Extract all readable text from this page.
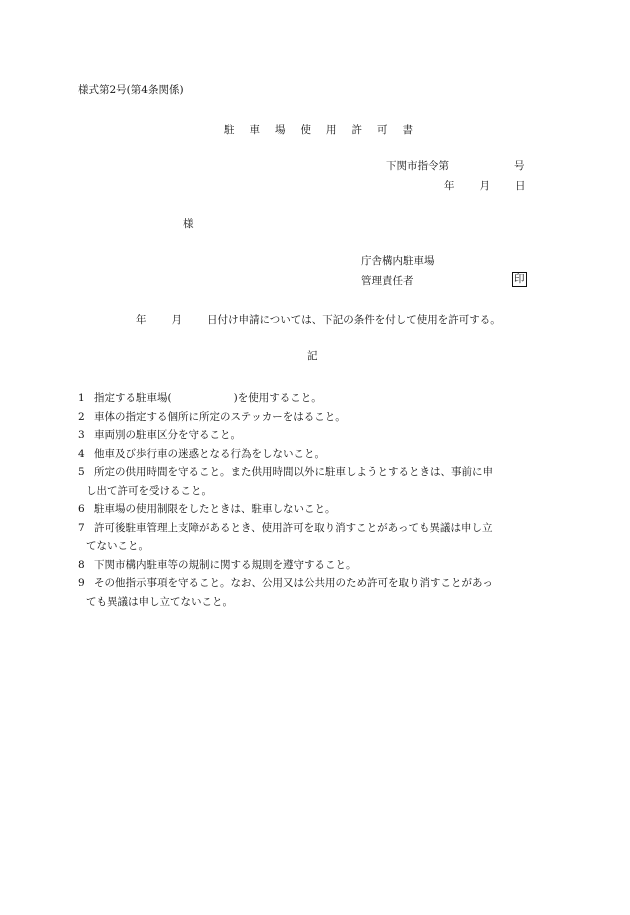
様式第2号(第4条関係)
駐 車 場 使 用 許 可 書
下関市指令第	号
年 月 日
様
庁舎構内駐車場
管理責任者	印
年 月 日付け申請については、下記の条件を付して使用を許可する。
記
1 指定する駐車場(	)を使用すること。
2 車体の指定する個所に所定のステッカーをはること。
3 車両別の駐車区分を守ること。
4 他車及び歩行車の迷惑となる行為をしないこと。
5 所定の供用時間を守ること。また供用時間以外に駐車しようとするときは、事前に申
し出て許可を受けること。
6 駐車場の使用制限をしたときは、駐車しないこと。
7 許可後駐車管理上支障があるとき、使用許可を取り消すことがあっても異議は申し立
てないこと。
8 下関市構内駐車等の規制に関する規則を遵守すること。
9 その他指示事項を守ること。なお、公用又は公共用のため許可を取り消すことがあっ
ても異議は申し立てないこと。
